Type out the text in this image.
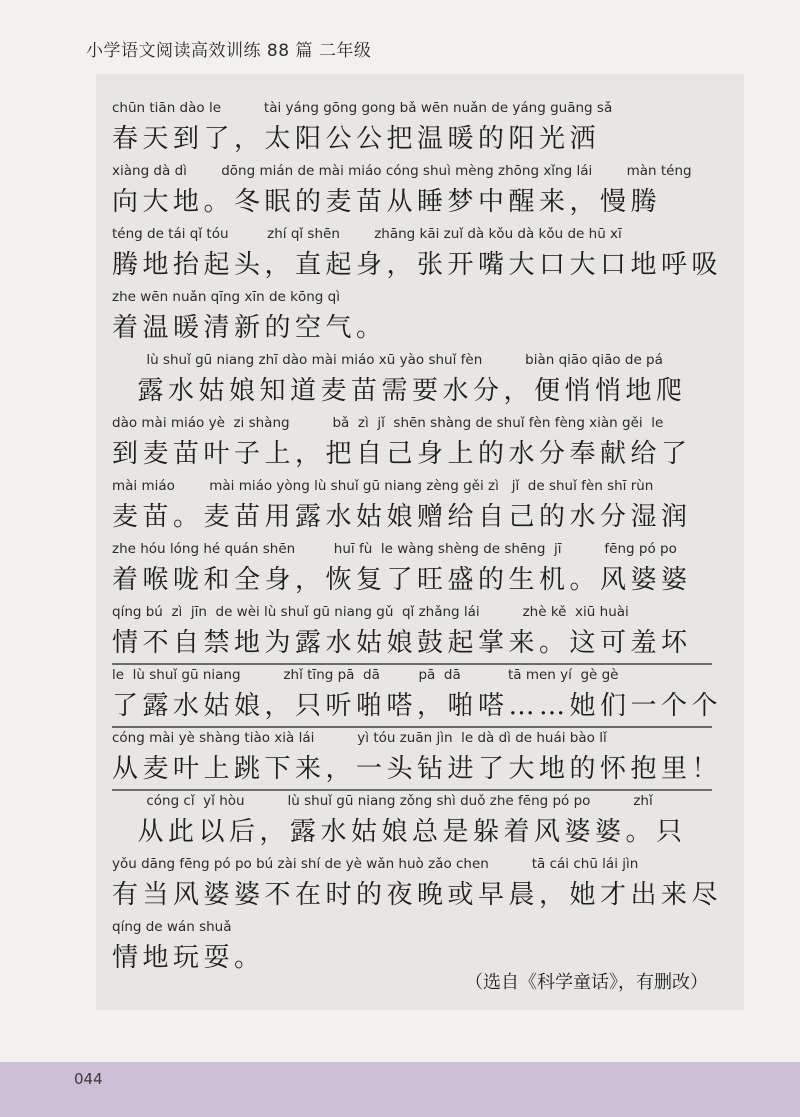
小学语文阅读高效训练 88 篇 二年级
chūn tiān dào le          tài yáng gōng gong bǎ wēn nuǎn de yáng guāng sǎ
春天到了，太阳公公把温暖的阳光洒
xiàng dà dì        dōng mián de mài miáo cóng shuì mèng zhōng xǐng lái        màn téng
向大地。冬眠的麦苗从睡梦中醒来，慢腾
téng de tái qǐ tóu         zhí qǐ shēn        zhāng kāi zuǐ dà kǒu dà kǒu de hū xī
腾地抬起头，直起身，张开嘴大口大口地呼吸
zhe wēn nuǎn qīng xīn de kōng qì
着温暖清新的空气。
lù shuǐ gū niang zhī dào mài miáo xū yào shuǐ fèn          biàn qiāo qiāo de pá
露水姑娘知道麦苗需要水分，便悄悄地爬
dào mài miáo yè  zi shàng          bǎ  zì  jǐ  shēn shàng de shuǐ fèn fèng xiàn gěi  le
到麦苗叶子上，把自己身上的水分奉献给了
mài miáo        mài miáo yòng lù shuǐ gū niang zèng gěi zì   jǐ  de shuǐ fèn shī rùn
麦苗。麦苗用露水姑娘赠给自己的水分湿润
zhe hóu lóng hé quán shēn         huī fù  le wàng shèng de shēng  jī          fēng pó po
着喉咙和全身，恢复了旺盛的生机。风婆婆
qíng bú  zì  jīn  de wèi lù shuǐ gū niang gǔ  qǐ zhǎng lái          zhè kě  xiū huài
情不自禁地为露水姑娘鼓起掌来。这可羞坏
le  lù shuǐ gū niang          zhǐ tīng pā  dā         pā  dā           tā men yí  gè gè
了露水姑娘，只听啪嗒，啪嗒……她们一个个
cóng mài yè shàng tiào xià lái          yì tóu zuān jìn  le dà dì de huái bào lǐ
从麦叶上跳下来，一头钻进了大地的怀抱里！
cóng cǐ  yǐ hòu          lù shuǐ gū niang zǒng shì duǒ zhe fēng pó po          zhǐ
从此以后，露水姑娘总是躲着风婆婆。只
yǒu dāng fēng pó po bú zài shí de yè wǎn huò zǎo chen          tā cái chū lái jìn
有当风婆婆不在时的夜晚或早晨，她才出来尽
qíng de wán shuǎ
情地玩耍。
（选自《科学童话》，有删改）
044
